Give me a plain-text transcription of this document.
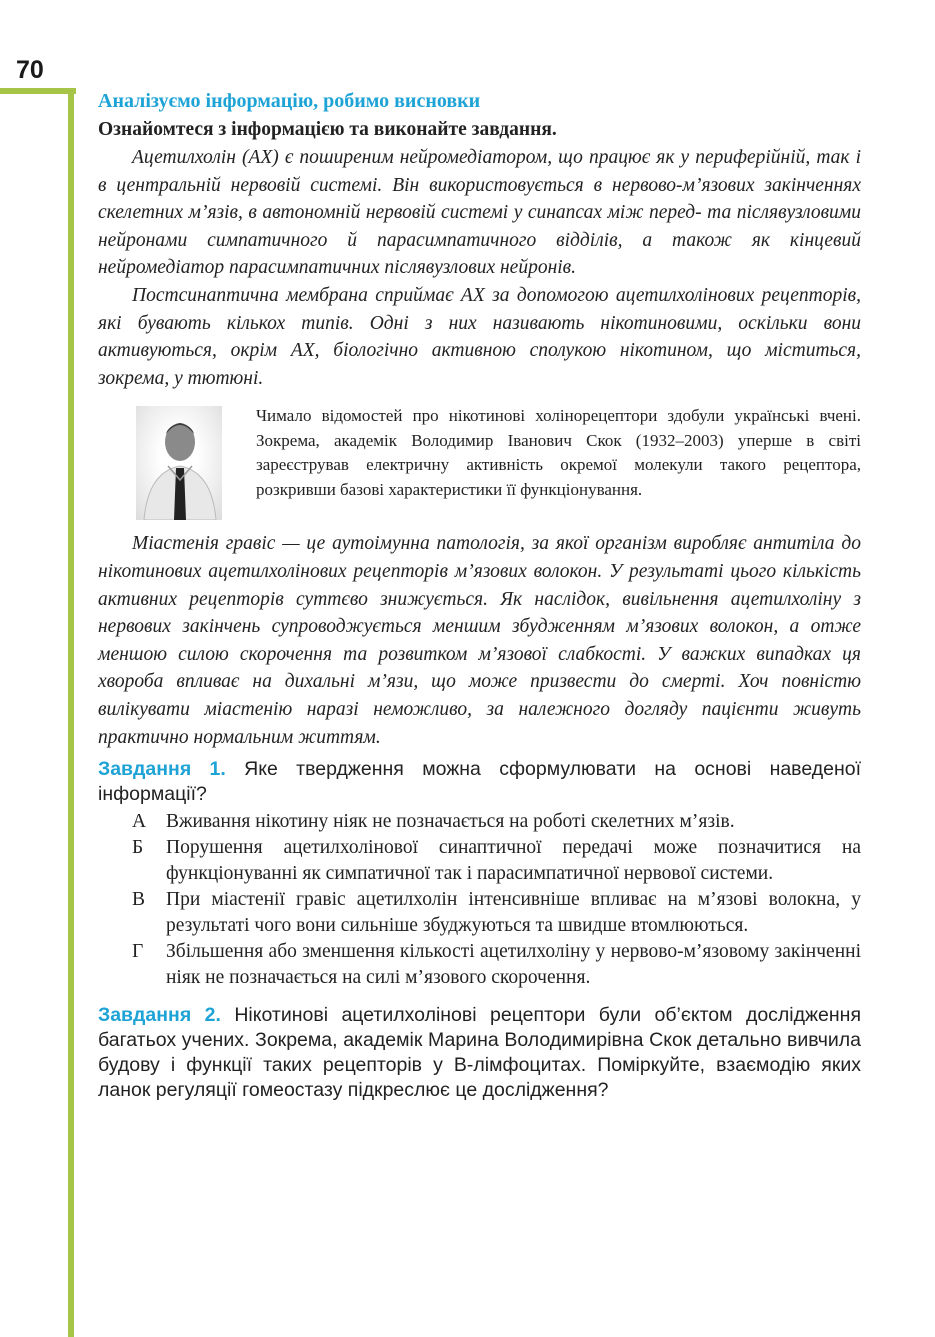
70
Аналізуємо інформацію, робимо висновки

Ознайомтеся з інформацією та виконайте завдання.

Ацетилхолін (АХ) є поширеним нейромедіатором, що працює як у периферійній, так і в центральній нервовій системі. Він використовується в нервово-м’язових закінченнях скелетних м’язів, в автономній нервовій системі у синапсах між перед- та післявузловими нейронами симпатичного й парасимпатичного відділів, а також як кінцевий нейромедіатор парасимпатичних післявузлових нейронів.

Постсинаптична мембрана сприймає АХ за допомогою ацетилхолінових рецепторів, які бувають кількох типів. Одні з них називають нікотиновими, оскільки вони активуються, окрім АХ, біологічно активною сполукою нікотином, що міститься, зокрема, у тютюні.

Чимало відомостей про нікотинові холінорецептори здобули українські вчені. Зокрема, академік Володимир Іванович Скок (1932–2003) уперше в світі зареєстрував електричну активність окремої молекули такого рецептора, розкривши базові характеристики її функціонування.

Міастенія гравіс — це аутоімунна патологія, за якої організм виробляє антитіла до нікотинових ацетилхолінових рецепторів м’язових волокон. У результаті цього кількість активних рецепторів суттєво знижується. Як наслідок, вивільнення ацетилхоліну з нервових закінчень супроводжується меншим збудженням м’язових волокон, а отже меншою силою скорочення та розвитком м’язової слабкості. У важких випадках ця хвороба впливає на дихальні м’язи, що може призвести до смерті. Хоч повністю вилікувати міастенію наразі неможливо, за належного догляду пацієнти живуть практично нормальним життям.

Завдання 1. Яке твердження можна сформулювати на основі наведеної інформації?
А	Вживання нікотину ніяк не позначається на роботі скелетних м’язів.
Б	Порушення ацетилхолінової синаптичної передачі може позначитися на функціонуванні як симпатичної так і парасимпатичної нервової системи.
В	При міастенії гравіс ацетилхолін інтенсивніше впливає на м’язові волокна, у результаті чого вони сильніше збуджуються та швидше втомлюються.
Г	Збільшення або зменшення кількості ацетилхоліну у нервово-м’язовому закінченні ніяк не позначається на силі м’язового скорочення.
Завдання 2. Нікотинові ацетилхолінові рецептори були об’єктом дослідження багатьох учених. Зокрема, академік Марина Володимирівна Скок детально вивчила будову і функції таких рецепторів у В-лімфоцитах. Поміркуйте, взаємодію яких ланок регуляції гомеостазу підкреслює це дослідження?
